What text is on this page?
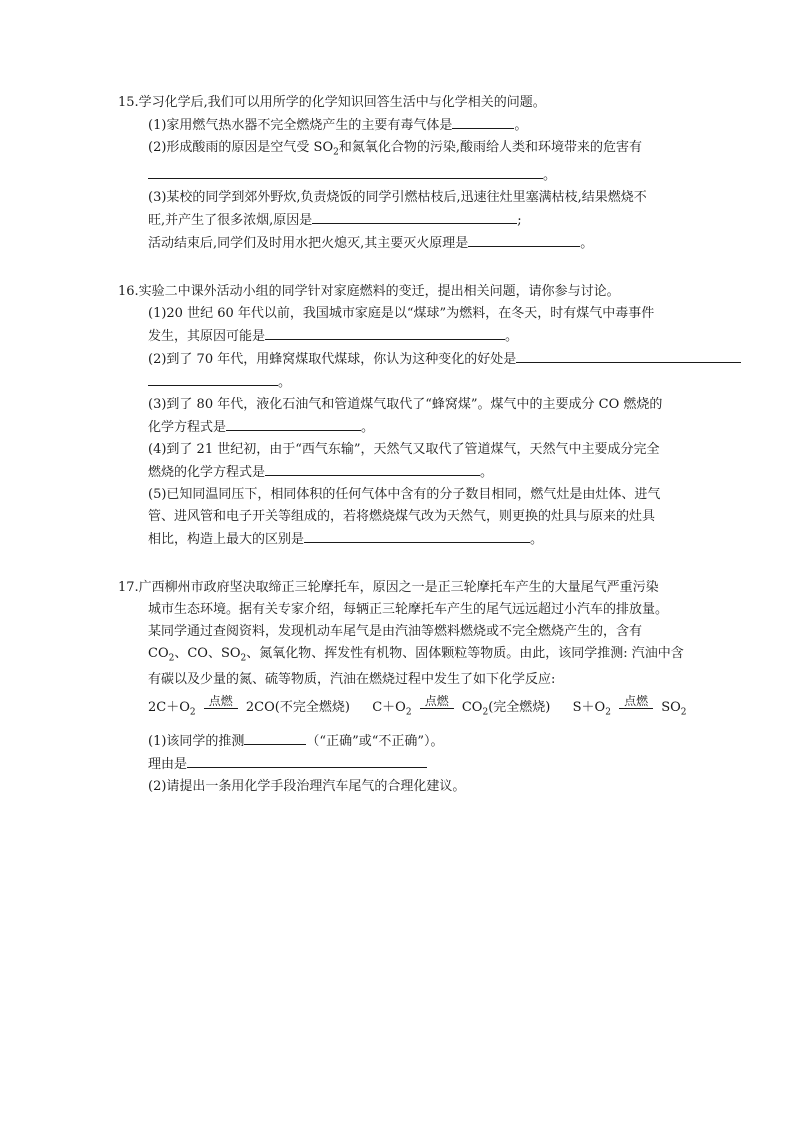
15.学习化学后,我们可以用所学的化学知识回答生活中与化学相关的问题。
(1)家用燃气热水器不完全燃烧产生的主要有毒气体是	。
(2)形成酸雨的原因是空气受 $SO_2$和氮氧化合物的污染,酸雨给人类和环境带来的危害有
。
(3)某校的同学到郊外野炊,负责烧饭的同学引燃枯枝后,迅速往灶里塞满枯枝,结果燃烧不
旺,并产生了很多浓烟,原因是	;
活动结束后,同学们及时用水把火熄灭,其主要灭火原理是	。
16.实验二中课外活动小组的同学针对家庭燃料的变迁，提出相关问题，请你参与讨论。
(1)20 世纪 60 年代以前，我国城市家庭是以“煤球”为燃料，在冬天，时有煤气中毒事件
发生，其原因可能是	。
(2)到了 70 年代，用蜂窝煤取代煤球，你认为这种变化的好处是
。
(3)到了 80 年代，液化石油气和管道煤气取代了“蜂窝煤”。煤气中的主要成分 CO 燃烧的
化学方程式是	。
(4)到了 21 世纪初，由于“西气东输”，天然气又取代了管道煤气，天然气中主要成分完全
燃烧的化学方程式是	。
(5)已知同温同压下，相同体积的任何气体中含有的分子数目相同，燃气灶是由灶体、进气
管、进风管和电子开关等组成的，若将燃烧煤气改为天然气，则更换的灶具与原来的灶具
相比，构造上最大的区别是	。
17.广西柳州市政府坚决取缔正三轮摩托车，原因之一是正三轮摩托车产生的大量尾气严重污染
城市生态环境。据有关专家介绍，每辆正三轮摩托车产生的尾气远远超过小汽车的排放量。
某同学通过查阅资料，发现机动车尾气是由汽油等燃料燃烧或不完全燃烧产生的，含有
$CO_2$、CO、$SO_2$、氮氧化物、挥发性有机物、固体颗粒等物质。由此，该同学推测: 汽油中含
有碳以及少量的氮、硫等物质，汽油在燃烧过程中发生了如下化学反应:
$2C+O_2$
点燃	2CO(不完全燃烧) $C+O_2$
点燃	$CO_2$(完全燃烧) $S+O_2$
点燃	$SO_2$
(1)该同学的推测	（“正确”或“不正确”）。
理由是
(2)请提出一条用化学手段治理汽车尾气的合理化建议。
